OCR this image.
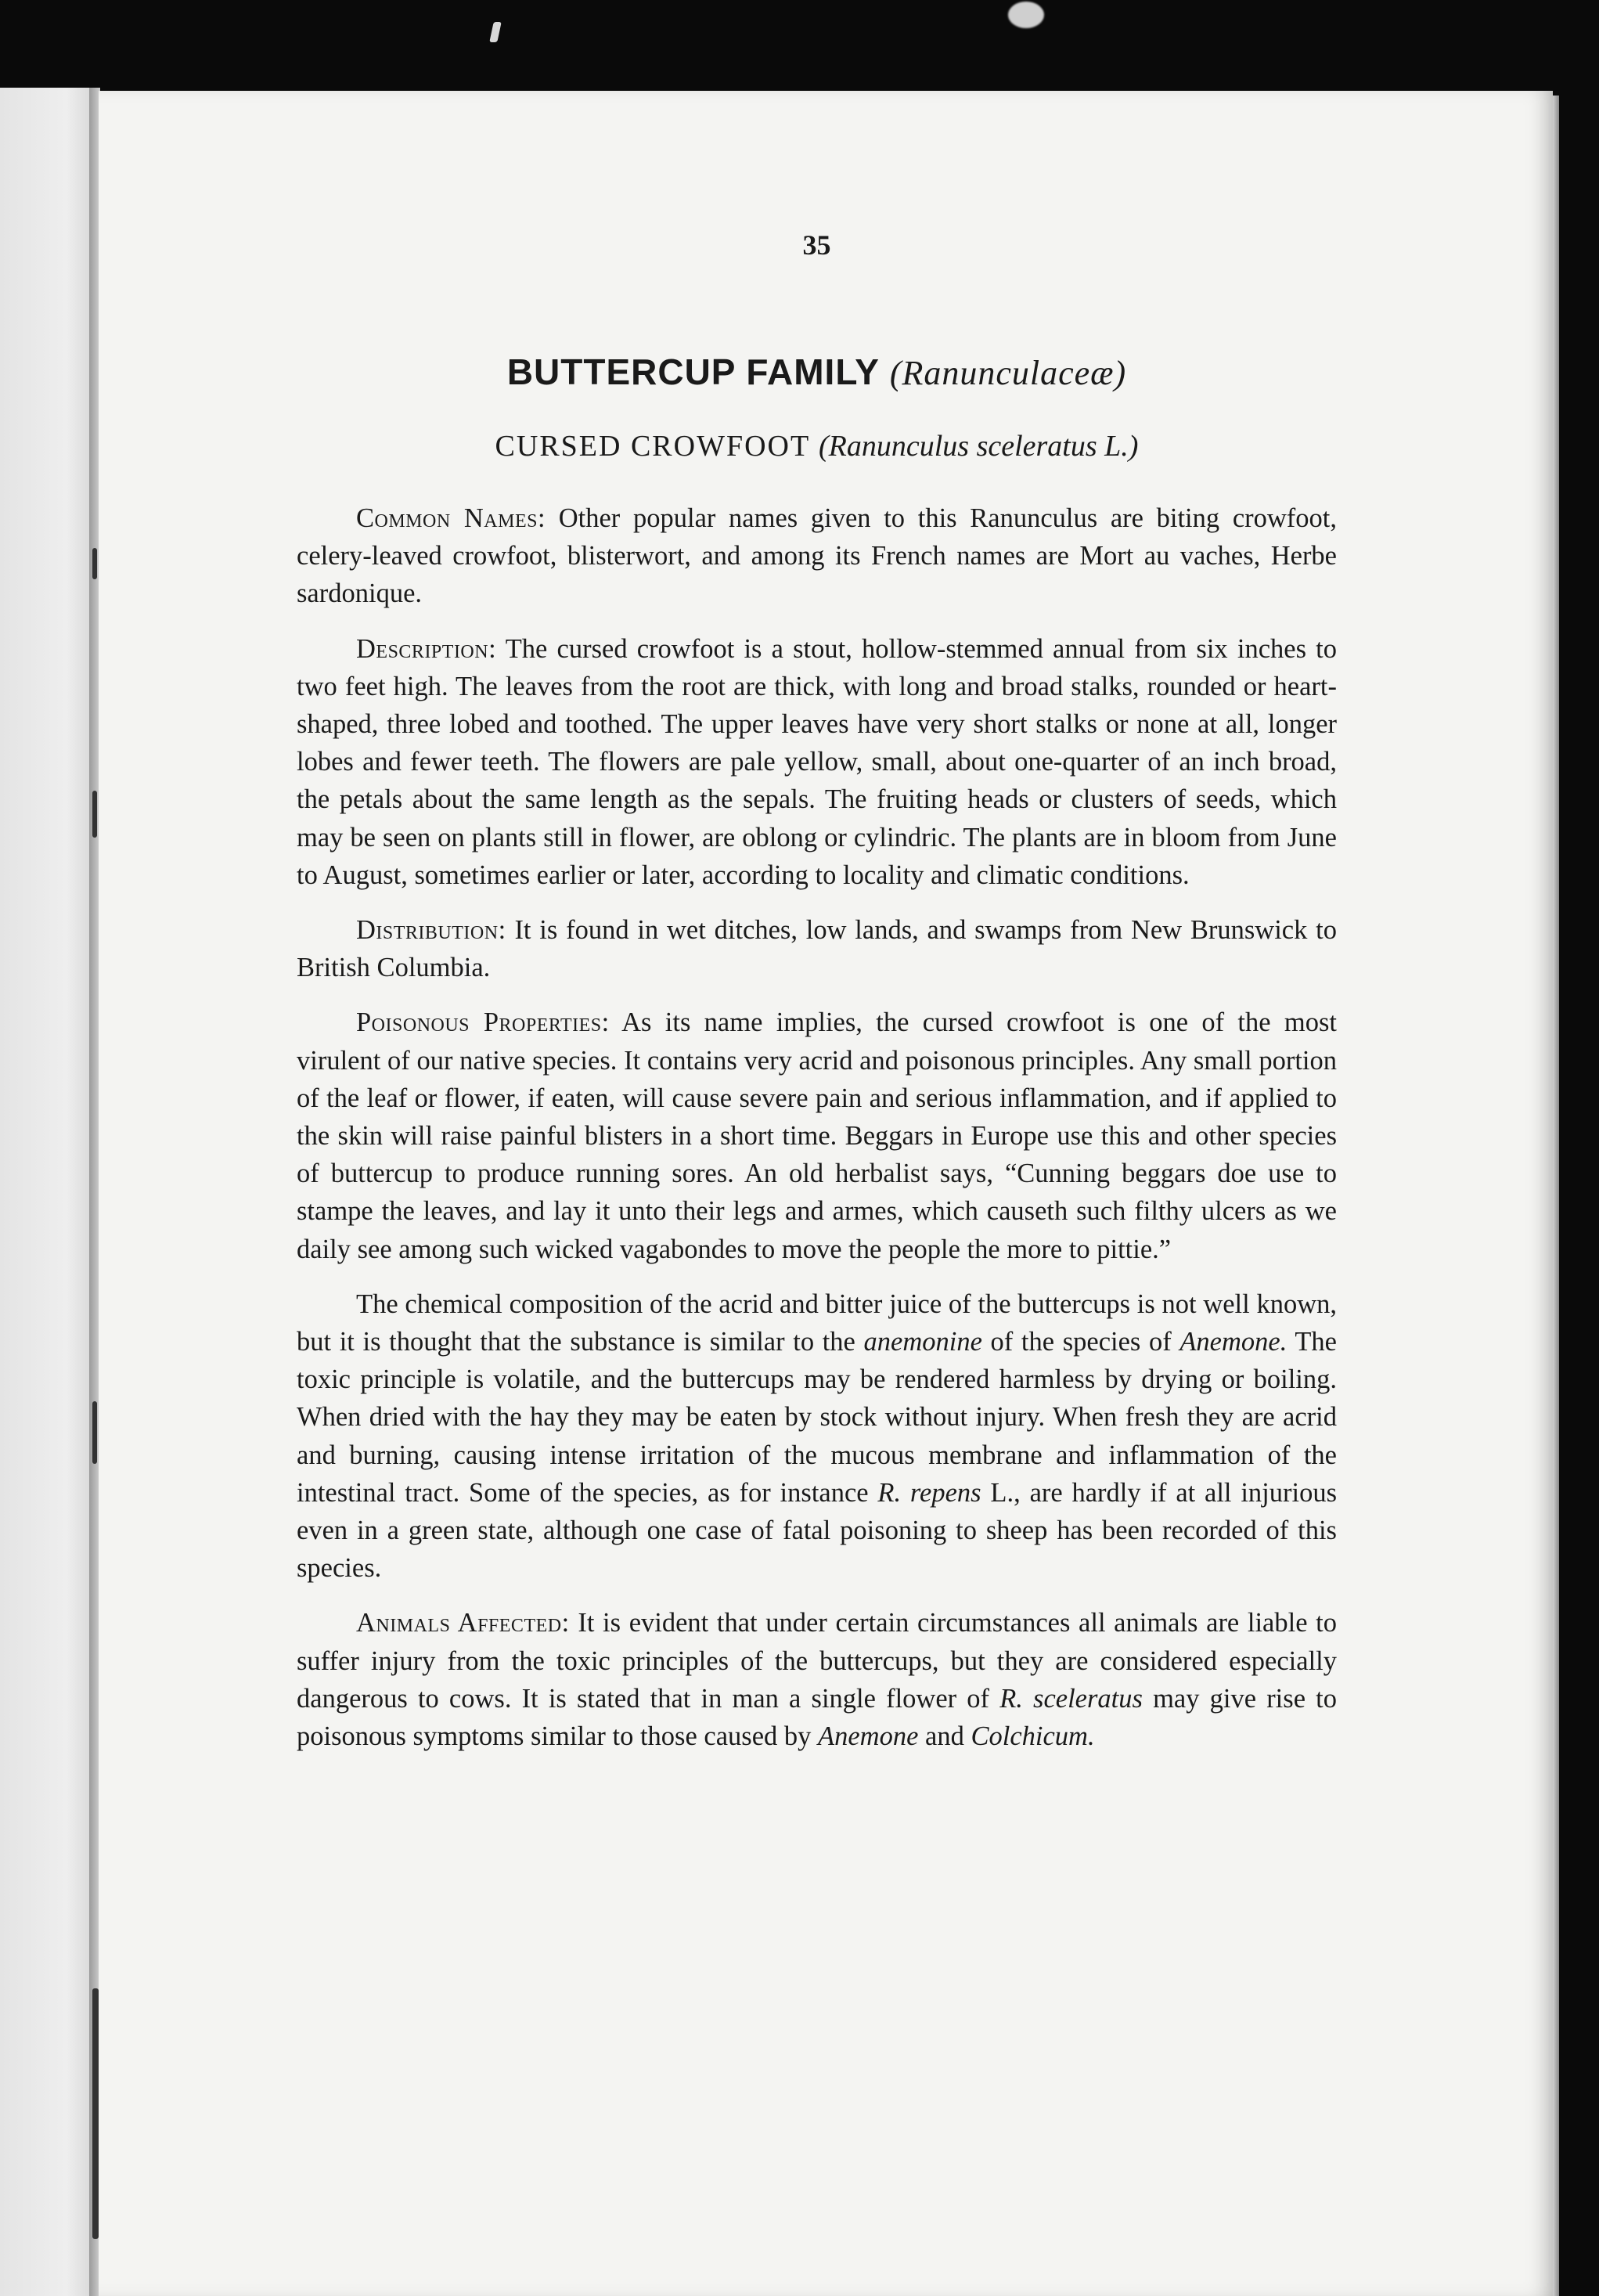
35
BUTTERCUP FAMILY (Ranunculaceæ)
CURSED CROWFOOT (Ranunculus sceleratus L.)

Common Names: Other popular names given to this Ranunculus are biting crowfoot, celery-leaved crowfoot, blisterwort, and among its French names are Mort au vaches, Herbe sardonique.

Description: The cursed crowfoot is a stout, hollow-stemmed annual from six inches to two feet high. The leaves from the root are thick, with long and broad stalks, rounded or heart-shaped, three lobed and toothed. The upper leaves have very short stalks or none at all, longer lobes and fewer teeth. The flowers are pale yellow, small, about one-quarter of an inch broad, the petals about the same length as the sepals. The fruiting heads or clusters of seeds, which may be seen on plants still in flower, are oblong or cylindric. The plants are in bloom from June to August, sometimes earlier or later, according to locality and climatic conditions.

Distribution: It is found in wet ditches, low lands, and swamps from New Brunswick to British Columbia.

Poisonous Properties: As its name implies, the cursed crowfoot is one of the most virulent of our native species. It contains very acrid and poisonous principles. Any small portion of the leaf or flower, if eaten, will cause severe pain and serious inflammation, and if applied to the skin will raise painful blisters in a short time. Beggars in Europe use this and other species of buttercup to produce running sores. An old herbalist says, “Cunning beggars doe use to stampe the leaves, and lay it unto their legs and armes, which causeth such filthy ulcers as we daily see among such wicked vagabondes to move the people the more to pittie.”

The chemical composition of the acrid and bitter juice of the buttercups is not well known, but it is thought that the substance is similar to the anemonine of the species of Anemone. The toxic principle is volatile, and the buttercups may be rendered harmless by drying or boiling. When dried with the hay they may be eaten by stock without injury. When fresh they are acrid and burning, causing intense irritation of the mucous membrane and inflammation of the intestinal tract. Some of the species, as for instance R. repens L., are hardly if at all injurious even in a green state, although one case of fatal poisoning to sheep has been recorded of this species.

Animals Affected: It is evident that under certain circumstances all animals are liable to suffer injury from the toxic principles of the buttercups, but they are considered especially dangerous to cows. It is stated that in man a single flower of R. sceleratus may give rise to poisonous symptoms similar to those caused by Anemone and Colchicum.
